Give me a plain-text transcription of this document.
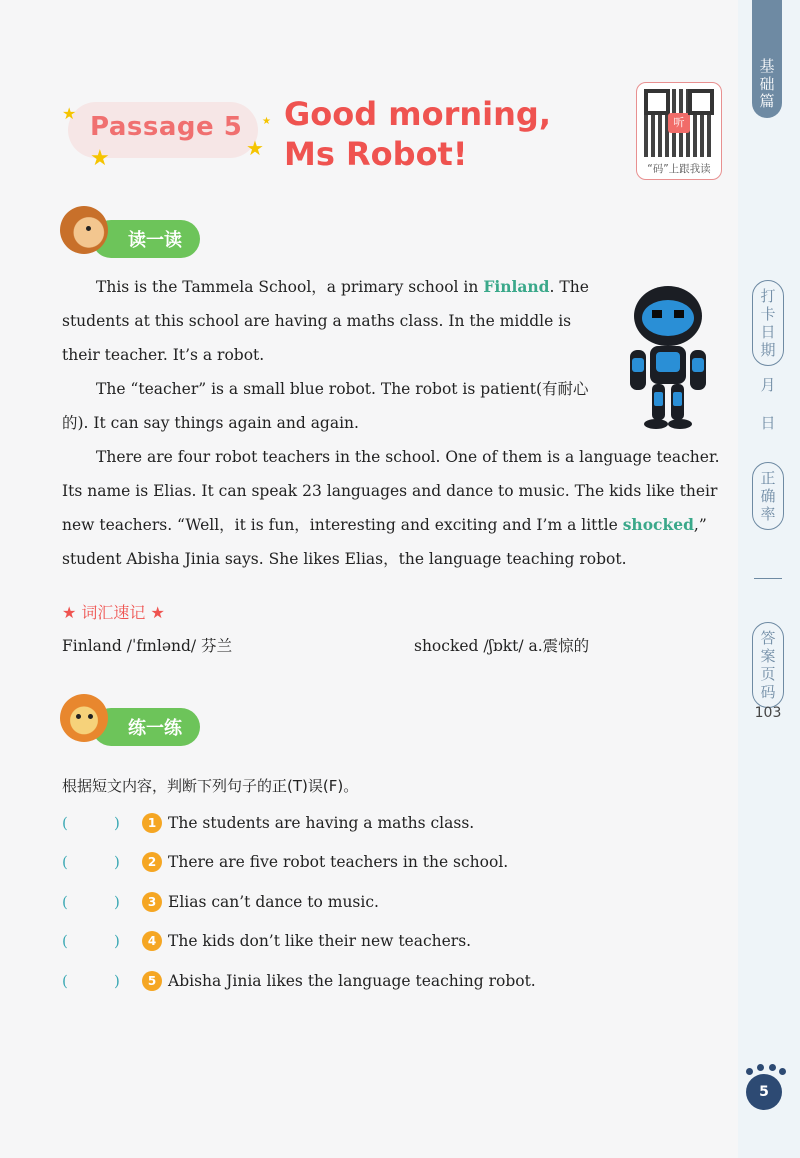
基
础
篇
打
卡
日
期
月
日
正
确
率
答
案
页
码
103
★
★	★
★
Passage 5 Good morning,
Ms Robot!
听
“码”上跟我读
读一读

This is the Tammela School，a primary school in Finland. The students at this school are having a maths class. In the middle is their teacher. It’s a robot.

The “teacher” is a small blue robot. The robot is patient(有耐心的). It can say things again and again.

There are four robot teachers in the school. One of them is a language teacher. Its name is Elias. It can speak 23 languages and dance to music. The kids like their new teachers. “Well，it is fun，interesting and exciting and I’m a little shocked,” student Abisha Jinia says. She likes Elias，the language teaching robot.

★ 词汇速记 ★
Finland /ˈfɪnlənd/ 芬兰	shocked /ʃɒkt/ a.震惊的
练一练
根据短文内容，判断下列句子的正(T)误(F)。
(	)	1 The students are having a maths class.
(	)	2 There are five robot teachers in the school.
(	)	3 Elias can’t dance to music.
(	)	4 The kids don’t like their new teachers.
(	)	5 Abisha Jinia likes the language teaching robot.
5
